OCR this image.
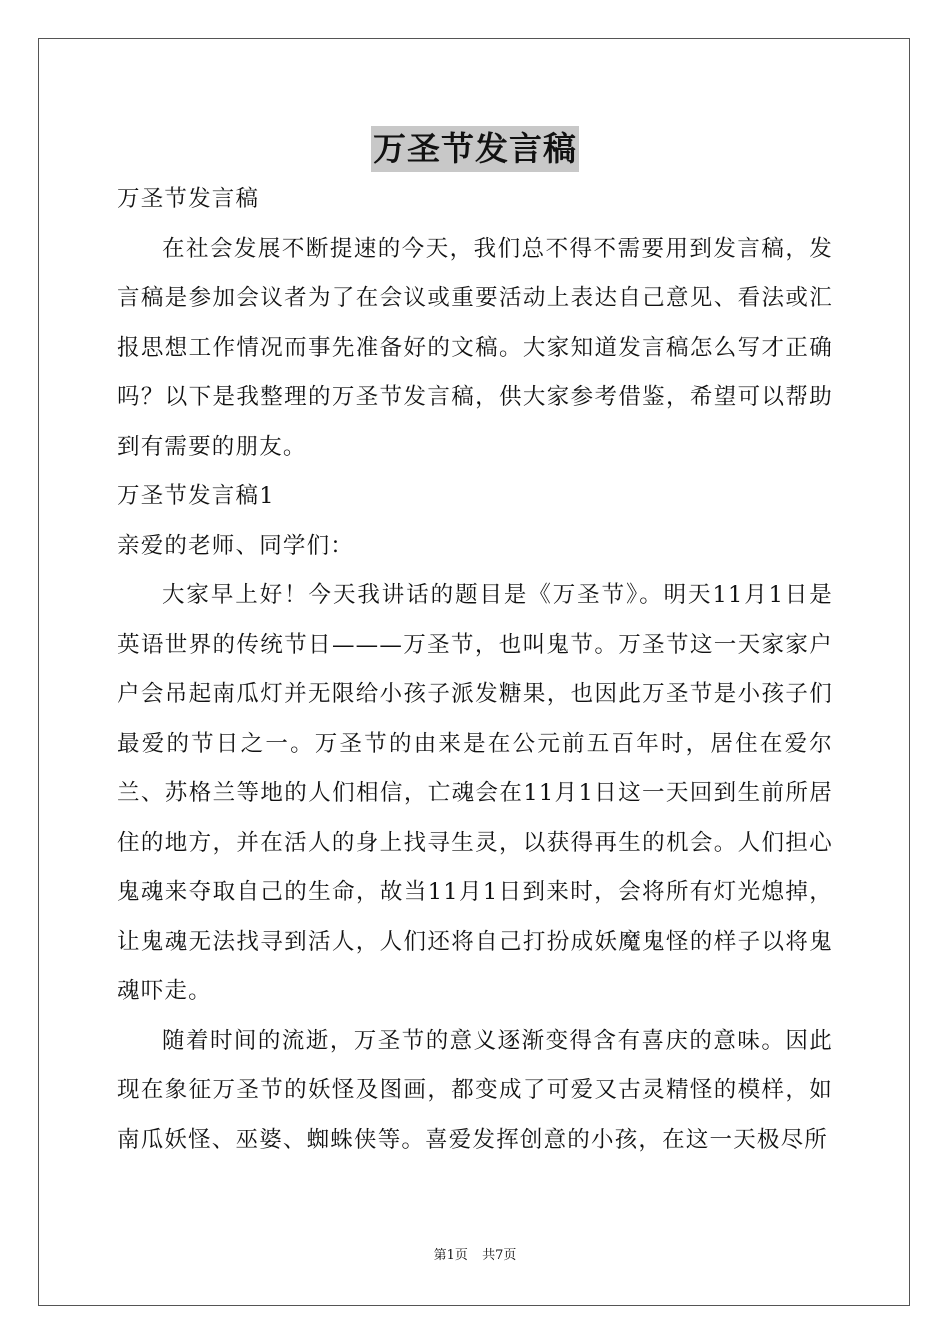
万圣节发言稿

万圣节发言稿

在社会发展不断提速的今天，我们总不得不需要用到发言稿，发言稿是参加会议者为了在会议或重要活动上表达自己意见、看法或汇报思想工作情况而事先准备好的文稿。大家知道发言稿怎么写才正确吗？以下是我整理的万圣节发言稿，供大家参考借鉴，希望可以帮助到有需要的朋友。

万圣节发言稿1

亲爱的老师、同学们：

大家早上好！今天我讲话的题目是《万圣节》。明天11月1日是英语世界的传统节日———万圣节，也叫鬼节。万圣节这一天家家户户会吊起南瓜灯并无限给小孩子派发糖果，也因此万圣节是小孩子们最爱的节日之一。万圣节的由来是在公元前五百年时，居住在爱尔兰、苏格兰等地的人们相信，亡魂会在11月1日这一天回到生前所居住的地方，并在活人的身上找寻生灵，以获得再生的机会。人们担心鬼魂来夺取自己的生命，故当11月1日到来时，会将所有灯光熄掉，让鬼魂无法找寻到活人，人们还将自己打扮成妖魔鬼怪的样子以将鬼魂吓走。

随着时间的流逝，万圣节的意义逐渐变得含有喜庆的意味。因此现在象征万圣节的妖怪及图画，都变成了可爱又古灵精怪的模样，如南瓜妖怪、巫婆、蜘蛛侠等。喜爱发挥创意的小孩，在这一天极尽所

第1页 共7页
